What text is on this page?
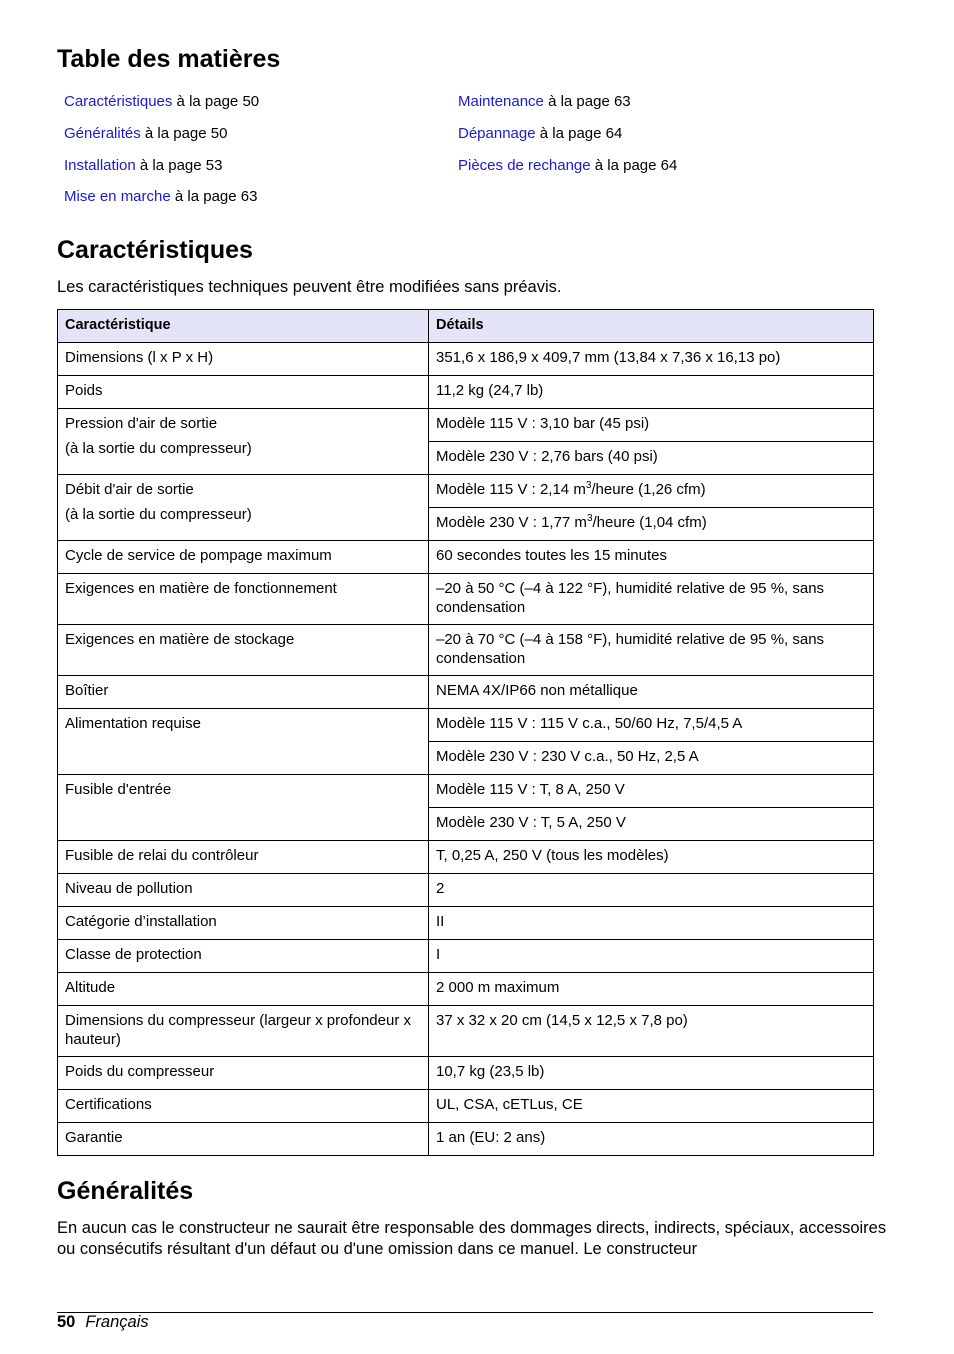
Table des matières
Caractéristiques à la page 50
Généralités à la page 50
Installation à la page 53
Mise en marche à la page 63
Maintenance à la page 63
Dépannage à la page 64
Pièces de rechange à la page 64
Caractéristiques
Les caractéristiques techniques peuvent être modifiées sans préavis.
Caractéristique	Détails
Dimensions (l x P x H)	351,6 x 186,9 x 409,7 mm (13,84 x 7,36 x 16,13 po)
Poids	11,2 kg (24,7 lb)

Pression d'air de sortie
(à la sortie du compresseur)	Modèle 115 V : 3,10 bar (45 psi)
	Modèle 230 V : 2,76 bars (40 psi)

Débit d'air de sortie
(à la sortie du compresseur)	Modèle 115 V : 2,14 $m^3$/heure (1,26 cfm)
	Modèle 230 V : 1,77 $m^3$/heure (1,04 cfm)
Cycle de service de pompage maximum	60 secondes toutes les 15 minutes
Exigences en matière de fonctionnement	–20 à 50 °C (–4 à 122 °F), humidité relative de 95 %, sans condensation
Exigences en matière de stockage	–20 à 70 °C (–4 à 158 °F), humidité relative de 95 %, sans condensation
Boîtier	NEMA 4X/IP66 non métallique
Alimentation requise	Modèle 115 V : 115 V c.a., 50/60 Hz, 7,5/4,5 A
	Modèle 230 V : 230 V c.a., 50 Hz, 2,5 A
Fusible d'entrée	Modèle 115 V : T, 8 A, 250 V
	Modèle 230 V : T, 5 A, 250 V
Fusible de relai du contrôleur	T, 0,25 A, 250 V (tous les modèles)
Niveau de pollution	2
Catégorie d’installation	II
Classe de protection	I
Altitude	2 000 m maximum
Dimensions du compresseur (largeur x profondeur x hauteur)	37 x 32 x 20 cm (14,5 x 12,5 x 7,8 po)
Poids du compresseur	10,7 kg (23,5 lb)
Certifications	UL, CSA, cETLus, CE
Garantie	1 an (EU: 2 ans)
Généralités
En aucun cas le constructeur ne saurait être responsable des dommages directs, indirects, spéciaux, accessoires ou consécutifs résultant d'un défaut ou d'une omission dans ce manuel. Le constructeur
50 Français
